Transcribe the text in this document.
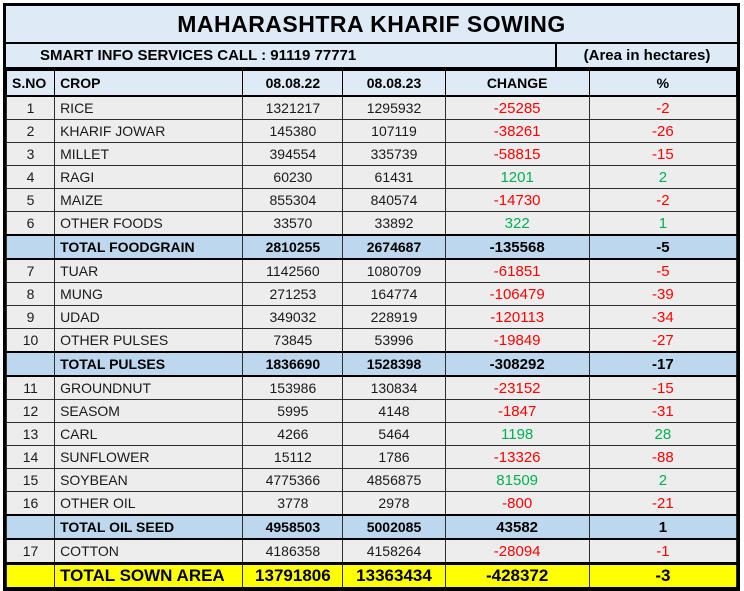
MAHARASHTRA KHARIF SOWING
SMART INFO SERVICES CALL : 91119 77771	(Area in hectares)
S.NO	CROP	08.08.22	08.08.23	CHANGE	%
1	RICE	1321217	1295932	-25285	-2
2	KHARIF JOWAR	145380	107119	-38261	-26
3	MILLET	394554	335739	-58815	-15
4	RAGI	60230	61431	1201	2
5	MAIZE	855304	840574	-14730	-2
6	OTHER FOODS	33570	33892	322	1
	TOTAL FOODGRAIN	2810255	2674687	-135568	-5
7	TUAR	1142560	1080709	-61851	-5
8	MUNG	271253	164774	-106479	-39
9	UDAD	349032	228919	-120113	-34
10	OTHER PULSES	73845	53996	-19849	-27
	TOTAL PULSES	1836690	1528398	-308292	-17
11	GROUNDNUT	153986	130834	-23152	-15
12	SEASOM	5995	4148	-1847	-31
13	CARL	4266	5464	1198	28
14	SUNFLOWER	15112	1786	-13326	-88
15	SOYBEAN	4775366	4856875	81509	2
16	OTHER OIL	3778	2978	-800	-21
	TOTAL OIL SEED	4958503	5002085	43582	1
17	COTTON	4186358	4158264	-28094	-1
	TOTAL SOWN AREA	13791806	13363434	-428372	-3
